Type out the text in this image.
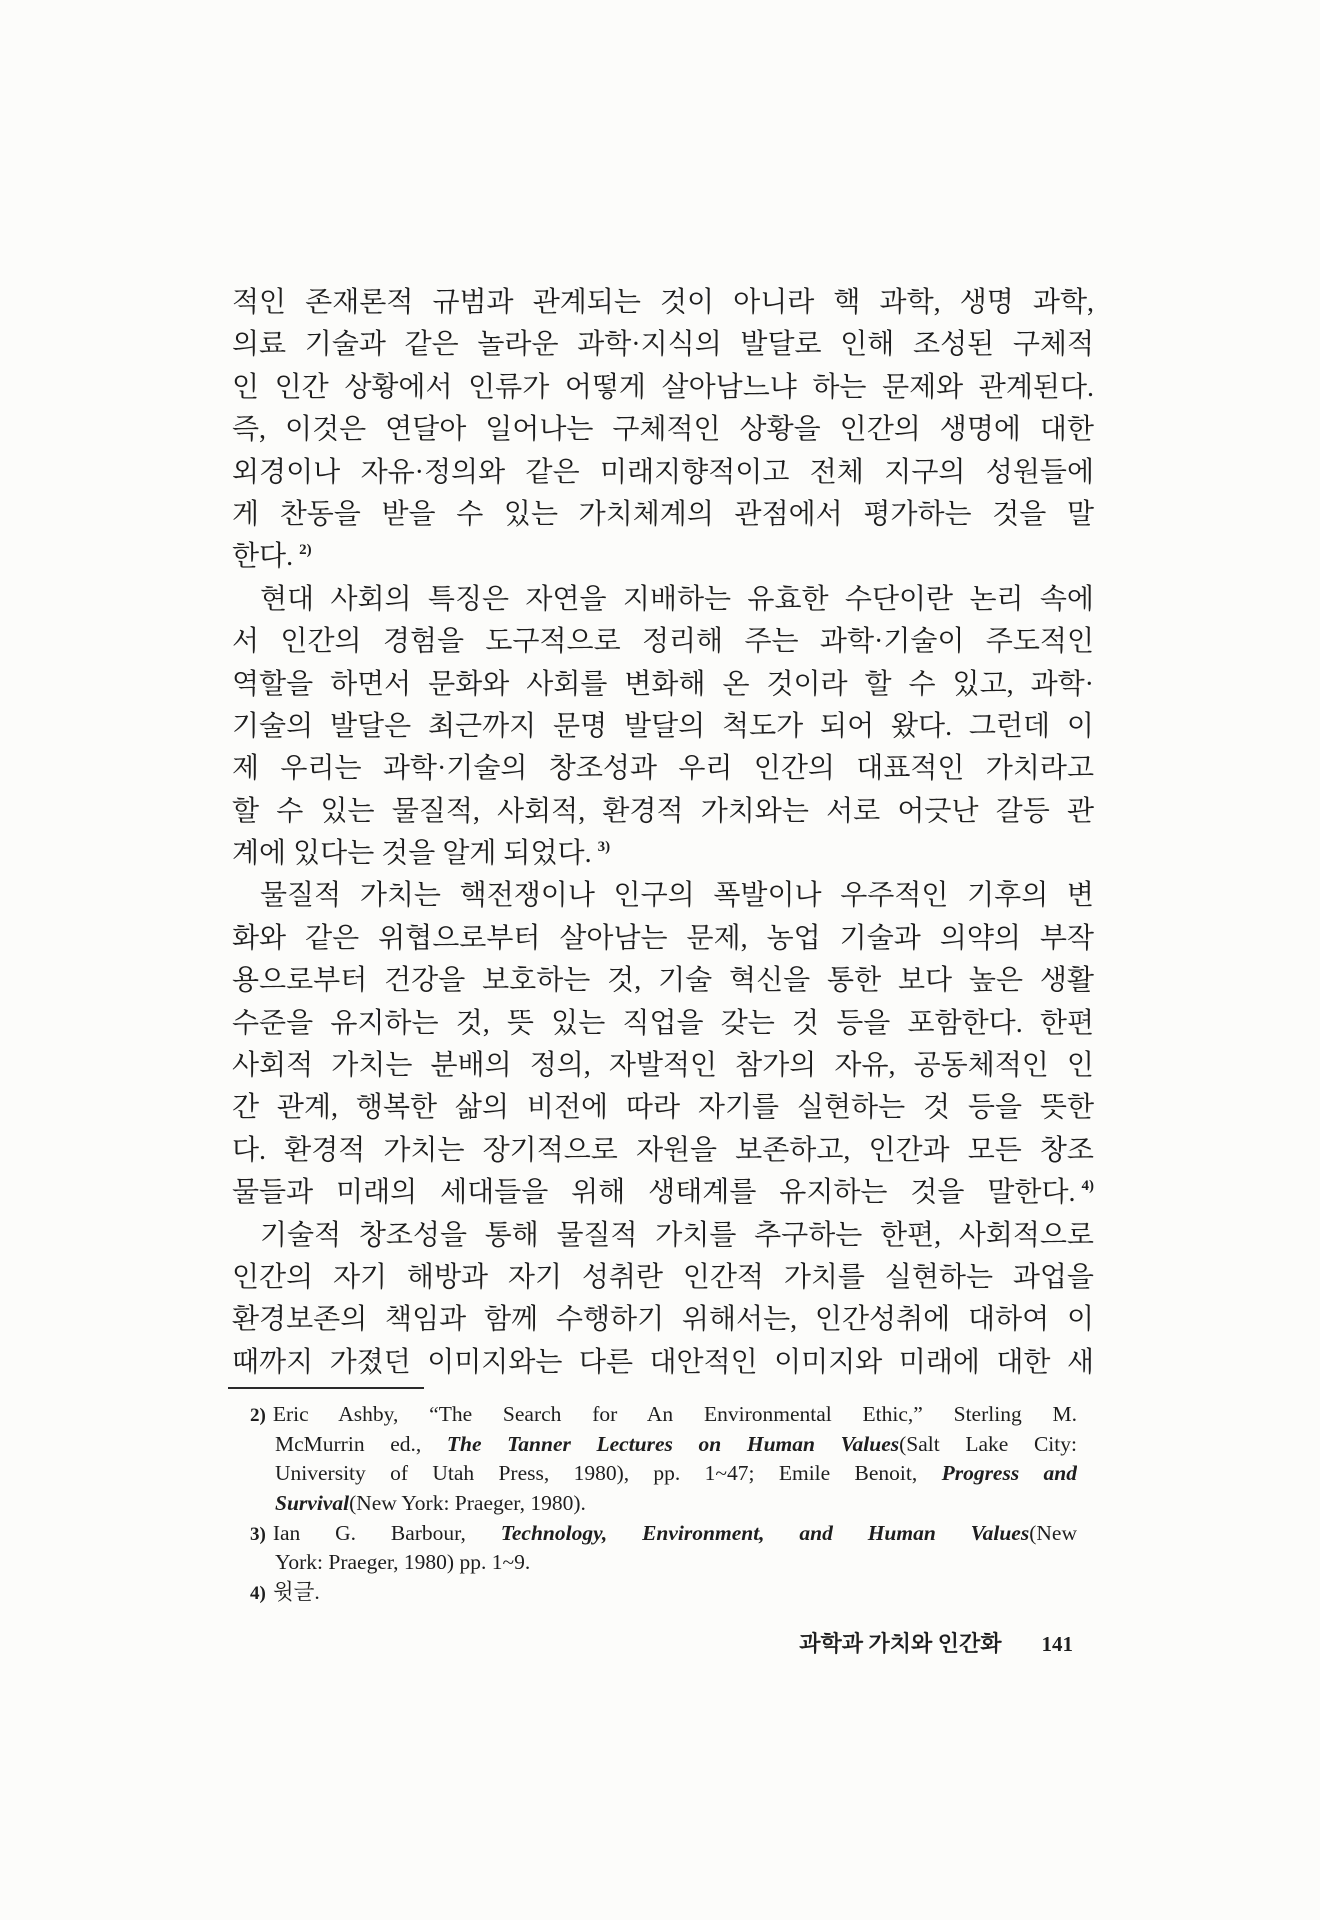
적인 존재론적 규범과 관계되는 것이 아니라 핵 과학, 생명 과학,
의료 기술과 같은 놀라운 과학·지식의 발달로 인해 조성된 구체적
인 인간 상황에서 인류가 어떻게 살아남느냐 하는 문제와 관계된다.
즉, 이것은 연달아 일어나는 구체적인 상황을 인간의 생명에 대한
외경이나 자유·정의와 같은 미래지향적이고 전체 지구의 성원들에
게 찬동을 받을 수 있는 가치체계의 관점에서 평가하는 것을 말
한다. $^{2)}$
현대 사회의 특징은 자연을 지배하는 유효한 수단이란 논리 속에
서 인간의 경험을 도구적으로 정리해 주는 과학·기술이 주도적인
역할을 하면서 문화와 사회를 변화해 온 것이라 할 수 있고, 과학·
기술의 발달은 최근까지 문명 발달의 척도가 되어 왔다. 그런데 이
제 우리는 과학·기술의 창조성과 우리 인간의 대표적인 가치라고
할 수 있는 물질적, 사회적, 환경적 가치와는 서로 어긋난 갈등 관
계에 있다는 것을 알게 되었다. $^{3)}$
물질적 가치는 핵전쟁이나 인구의 폭발이나 우주적인 기후의 변
화와 같은 위협으로부터 살아남는 문제, 농업 기술과 의약의 부작
용으로부터 건강을 보호하는 것, 기술 혁신을 통한 보다 높은 생활
수준을 유지하는 것, 뜻 있는 직업을 갖는 것 등을 포함한다. 한편
사회적 가치는 분배의 정의, 자발적인 참가의 자유, 공동체적인 인
간 관계, 행복한 삶의 비전에 따라 자기를 실현하는 것 등을 뜻한
다. 환경적 가치는 장기적으로 자원을 보존하고, 인간과 모든 창조
물들과 미래의 세대들을 위해 생태계를 유지하는 것을 말한다. $^{4)}$
기술적 창조성을 통해 물질적 가치를 추구하는 한편, 사회적으로
인간의 자기 해방과 자기 성취란 인간적 가치를 실현하는 과업을
환경보존의 책임과 함께 수행하기 위해서는, 인간성취에 대하여 이
때까지 가졌던 이미지와는 다른 대안적인 이미지와 미래에 대한 새
2) Eric Ashby, “The Search for An Environmental Ethic,” Sterling M.
McMurrin ed., The Tanner Lectures on Human Values(Salt Lake City:
University of Utah Press, 1980), pp. 1~47; Emile Benoit, Progress and
Survival(New York: Praeger, 1980).
3) Ian G. Barbour, Technology, Environment, and Human Values(New
York: Praeger, 1980) pp. 1~9.
4) 윗글.
과학과 가치와 인간화 141
